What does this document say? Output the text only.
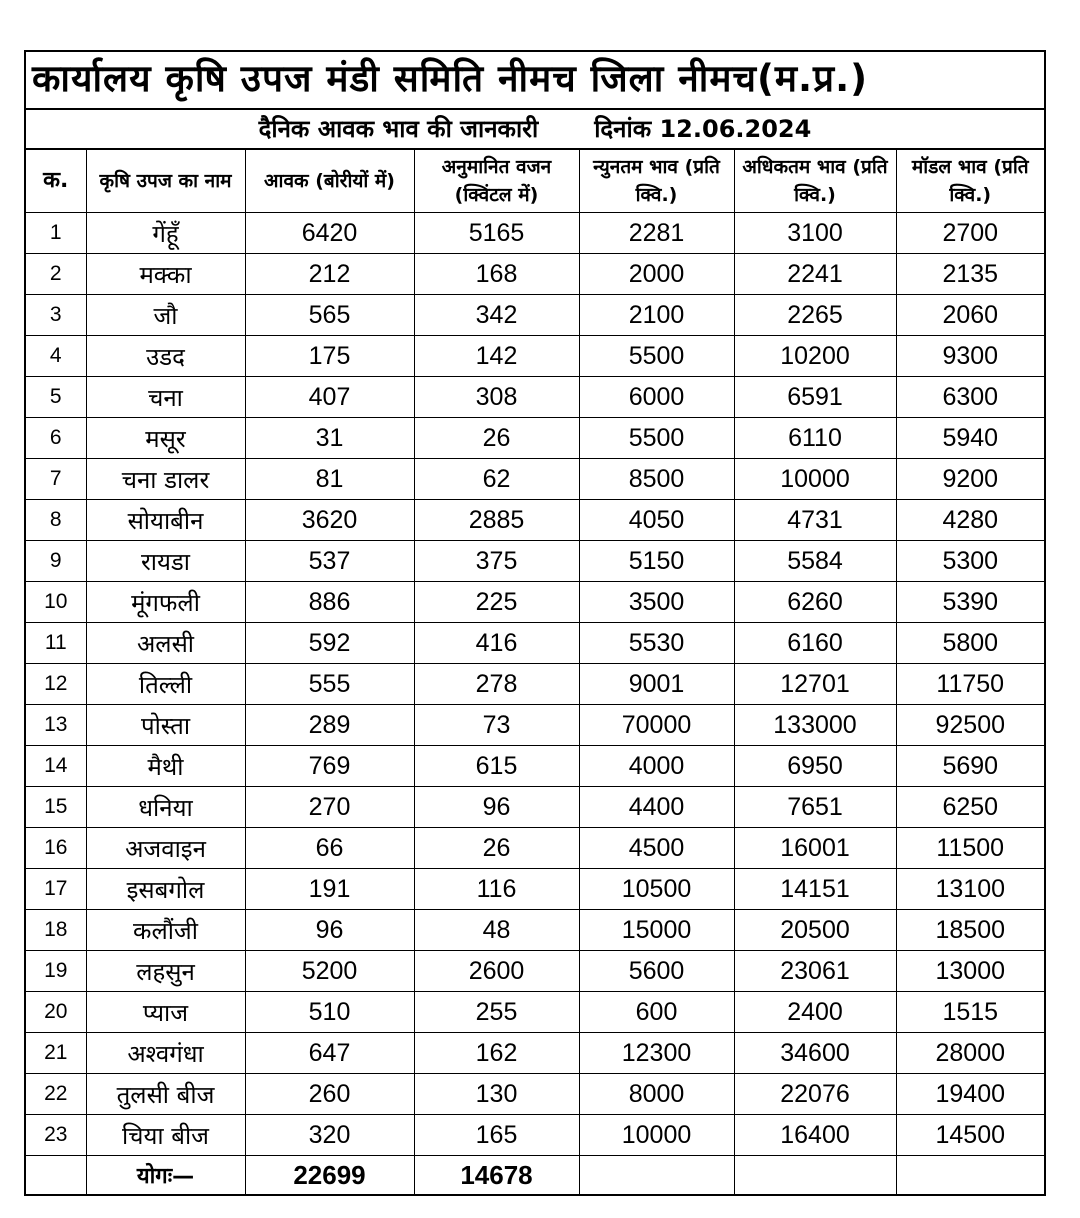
कार्यालय कृषि उपज मंडी समिति नीमच जिला नीमच(म.प्र.)
दैनिक आवक भाव की जानकारी दिनांक 12.06.2024
क.	कृषि उपज का नाम	आवक (बोरीयों में)	अनुमानित वजन (क्विंटल में)	न्युनतम भाव (प्रति क्वि.)	अधिकतम भाव (प्रति क्वि.)	मॉडल भाव (प्रति क्वि.)
1	गेंहूँ	6420	5165	2281	3100	2700
2	मक्का	212	168	2000	2241	2135
3	जौ	565	342	2100	2265	2060
4	उडद	175	142	5500	10200	9300
5	चना	407	308	6000	6591	6300
6	मसूर	31	26	5500	6110	5940
7	चना डालर	81	62	8500	10000	9200
8	सोयाबीन	3620	2885	4050	4731	4280
9	रायडा	537	375	5150	5584	5300
10	मूंगफली	886	225	3500	6260	5390
11	अलसी	592	416	5530	6160	5800
12	तिल्ली	555	278	9001	12701	11750
13	पोस्ता	289	73	70000	133000	92500
14	मैथी	769	615	4000	6950	5690
15	धनिया	270	96	4400	7651	6250
16	अजवाइन	66	26	4500	16001	11500
17	इसबगोल	191	116	10500	14151	13100
18	कलौंजी	96	48	15000	20500	18500
19	लहसुन	5200	2600	5600	23061	13000
20	प्याज	510	255	600	2400	1515
21	अश्वगंधा	647	162	12300	34600	28000
22	तुलसी बीज	260	130	8000	22076	19400
23	चिया बीज	320	165	10000	16400	14500
	योगः—	22699	14678			
